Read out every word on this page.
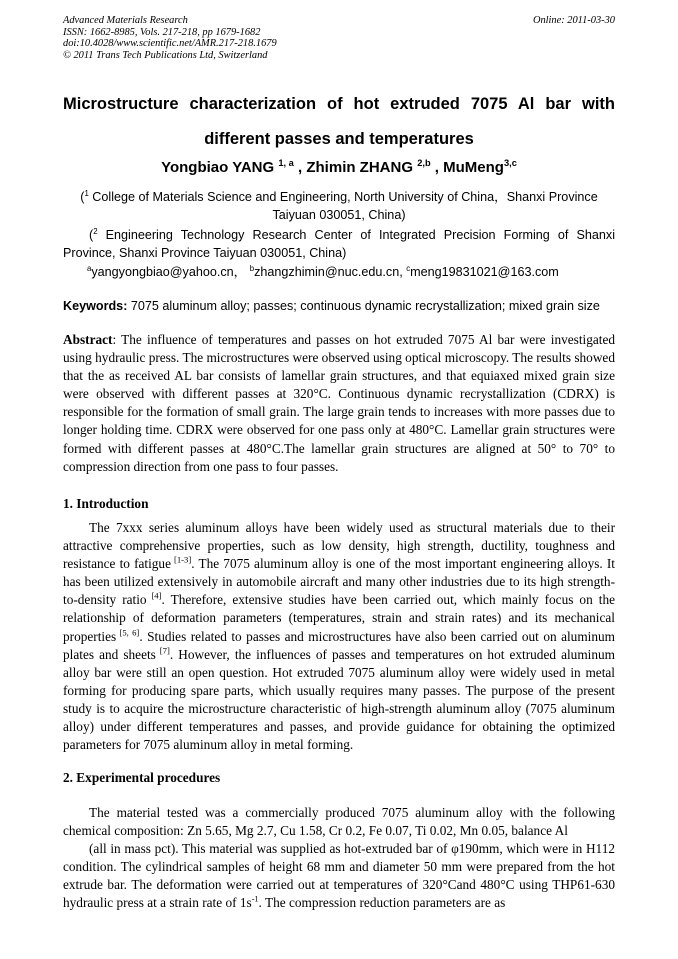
Advanced Materials Research
ISSN: 1662-8985, Vols. 217-218, pp 1679-1682
doi:10.4028/www.scientific.net/AMR.217-218.1679
© 2011 Trans Tech Publications Ltd, Switzerland
Online: 2011-03-30
Microstructure characterization of hot extruded 7075 Al bar with
different passes and temperatures
Yongbiao YANG $^{1, a}$ , Zhimin ZHANG $^{2,b}$ , MuMeng$^{3,c}$
($^1$ College of Materials Science and Engineering, North University of China，Shanxi Province Taiyuan 030051, China)
($^2$ Engineering Technology Research Center of Integrated Precision Forming of Shanxi
Province, Shanxi Province Taiyuan 030051, China)
$^a$yangyongbiao@yahoo.cn， $^b$zhangzhimin@nuc.edu.cn, $^c$meng19831021@163.com
Keywords: 7075 aluminum alloy; passes; continuous dynamic recrystallization; mixed grain size

Abstract: The influence of temperatures and passes on hot extruded 7075 Al bar were investigated using hydraulic press. The microstructures were observed using optical microscopy. The results showed that the as received AL bar consists of lamellar grain structures, and that equiaxed mixed grain size were observed with different passes at 320°C. Continuous dynamic recrystallization (CDRX) is responsible for the formation of small grain. The large grain tends to increases with more passes due to longer holding time. CDRX were observed for one pass only at 480°C. Lamellar grain structures were formed with different passes at 480°C.The lamellar grain structures are aligned at 50° to 70° to compression direction from one pass to four passes.

1. Introduction

The 7xxx series aluminum alloys have been widely used as structural materials due to their attractive comprehensive properties, such as low density, high strength, ductility, toughness and resistance to fatigue [1-3]. The 7075 aluminum alloy is one of the most important engineering alloys. It has been utilized extensively in automobile aircraft and many other industries due to its high strength-to-density ratio [4]. Therefore, extensive studies have been carried out, which mainly focus on the relationship of deformation parameters (temperatures, strain and strain rates) and its mechanical properties [5, 6]. Studies related to passes and microstructures have also been carried out on aluminum plates and sheets [7]. However, the influences of passes and temperatures on hot extruded aluminum alloy bar were still an open question. Hot extruded 7075 aluminum alloy were widely used in metal forming for producing spare parts, which usually requires many passes. The purpose of the present study is to acquire the microstructure characteristic of high-strength aluminum alloy (7075 aluminum alloy) under different temperatures and passes, and provide guidance for obtaining the optimized parameters for 7075 aluminum alloy in metal forming.

2. Experimental procedures

The material tested was a commercially produced 7075 aluminum alloy with the following chemical composition: Zn 5.65, Mg 2.7, Cu 1.58, Cr 0.2, Fe 0.07, Ti 0.02, Mn 0.05, balance Al

(all in mass pct). This material was supplied as hot-extruded bar of φ190mm, which were in H112 condition. The cylindrical samples of height 68 mm and diameter 50 mm were prepared from the hot extrude bar. The deformation were carried out at temperatures of 320°Cand 480°C using THP61-630 hydraulic press at a strain rate of $1s^{-1}$. The compression reduction parameters are as
